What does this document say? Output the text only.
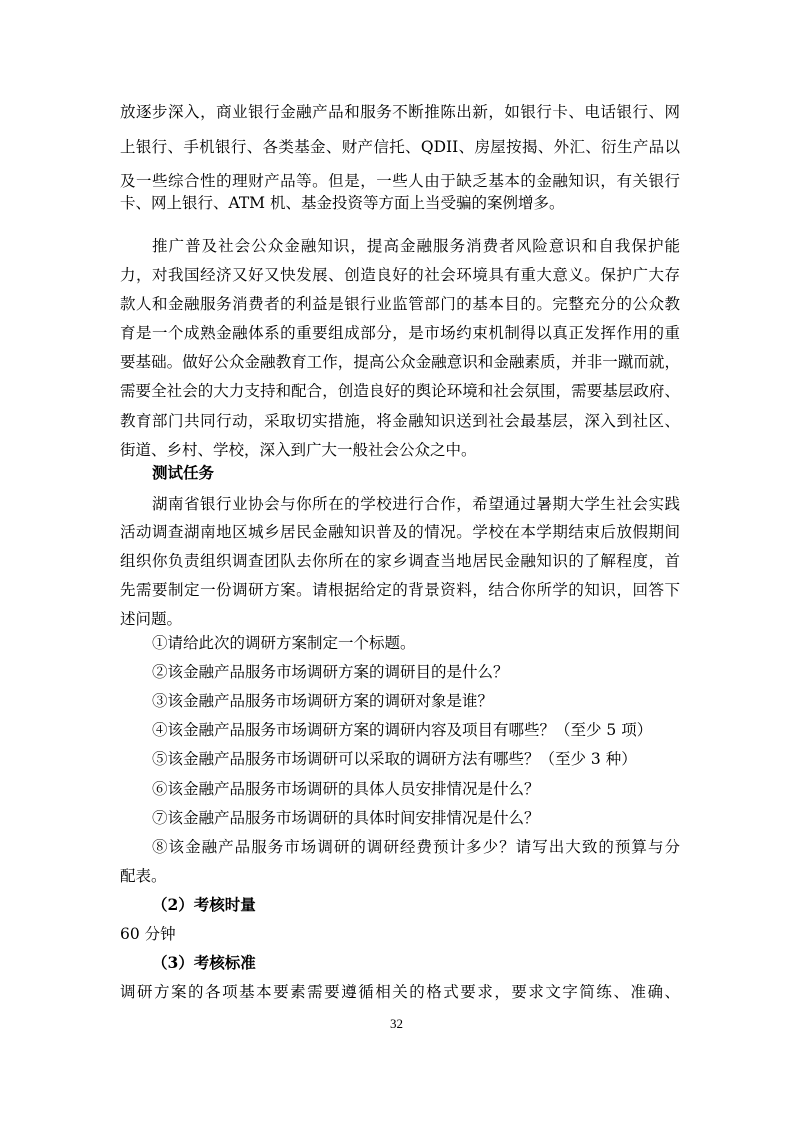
放逐步深入，商业银行金融产品和服务不断推陈出新，如银行卡、电话银行、网
上银行、手机银行、各类基金、财产信托、QDII、房屋按揭、外汇、衍生产品以
及一些综合性的理财产品等。但是，一些人由于缺乏基本的金融知识，有关银行
卡、网上银行、ATM 机、基金投资等方面上当受骗的案例增多。
推广普及社会公众金融知识，提高金融服务消费者风险意识和自我保护能
力，对我国经济又好又快发展、创造良好的社会环境具有重大意义。保护广大存
款人和金融服务消费者的利益是银行业监管部门的基本目的。完整充分的公众教
育是一个成熟金融体系的重要组成部分，是市场约束机制得以真正发挥作用的重
要基础。做好公众金融教育工作，提高公众金融意识和金融素质，并非一蹴而就，
需要全社会的大力支持和配合，创造良好的舆论环境和社会氛围，需要基层政府、
教育部门共同行动，采取切实措施，将金融知识送到社会最基层，深入到社区、
街道、乡村、学校，深入到广大一般社会公众之中。
测试任务
湖南省银行业协会与你所在的学校进行合作，希望通过暑期大学生社会实践
活动调查湖南地区城乡居民金融知识普及的情况。学校在本学期结束后放假期间
组织你负责组织调查团队去你所在的家乡调查当地居民金融知识的了解程度，首
先需要制定一份调研方案。请根据给定的背景资料，结合你所学的知识，回答下
述问题。
①请给此次的调研方案制定一个标题。
②该金融产品服务市场调研方案的调研目的是什么？
③该金融产品服务市场调研方案的调研对象是谁？
④该金融产品服务市场调研方案的调研内容及项目有哪些？（至少 5 项）
⑤该金融产品服务市场调研可以采取的调研方法有哪些？（至少 3 种）
⑥该金融产品服务市场调研的具体人员安排情况是什么？
⑦该金融产品服务市场调研的具体时间安排情况是什么？
⑧该金融产品服务市场调研的调研经费预计多少？请写出大致的预算与分
配表。
（2）考核时量
60 分钟
（3）考核标准
调研方案的各项基本要素需要遵循相关的格式要求，要求文字简练、准确、
32
